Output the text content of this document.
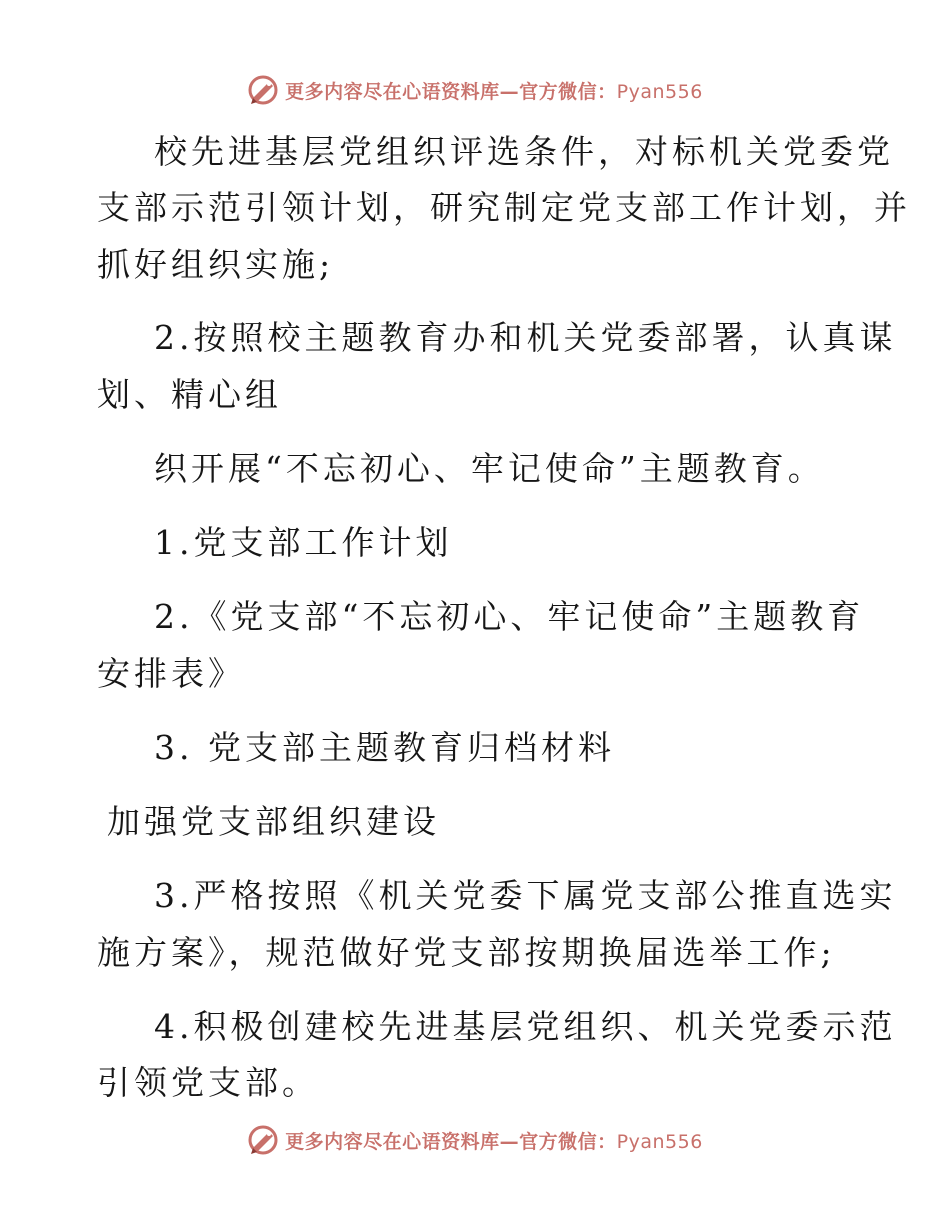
更多内容尽在心语资料库—官方微信：Pyan556
校先进基层党组织评选条件，对标机关党委党
支部示范引领计划，研究制定党支部工作计划，并
抓好组织实施;
2.按照校主题教育办和机关党委部署，认真谋
划、精心组
织开展“不忘初心、牢记使命”主题教育。
1.党支部工作计划
2.《党支部“不忘初心、牢记使命”主题教育
安排表》
3. 党支部主题教育归档材料
加强党支部组织建设
3.严格按照《机关党委下属党支部公推直选实
施方案》，规范做好党支部按期换届选举工作;
4.积极创建校先进基层党组织、机关党委示范
引领党支部。
更多内容尽在心语资料库—官方微信：Pyan556
